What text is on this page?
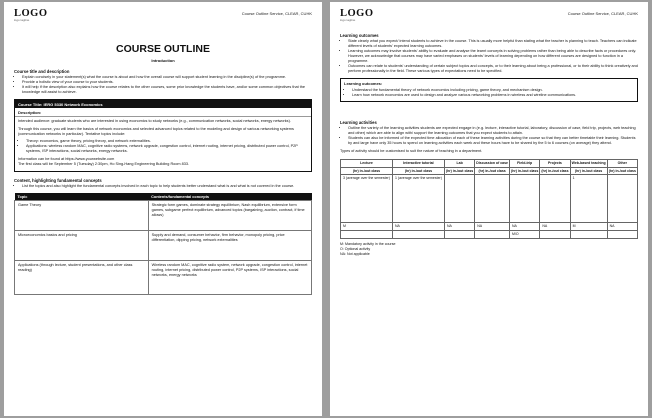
LOGO
logo tagline
Course Outline Service, CLEAR, CUHK
COURSE OUTLINE
Introduction
Course title and description
• Explain concisely in your statement(s) what the course is about and how the overall course will support student learning in the discipline(s) of the programme.
• Provide a holistic view of your course to your students.
• It will help if the description also explains how the course relates to the other courses, some prior knowledge the students have, and/or some common objectives that the knowledge will assist to achieve.
Course Title: IERG 5330 Network Economics
Description:

Intended audience: graduate students who are interested in using economics to study networks (e.g., communication networks, social networks, energy networks).

Through this course, you will learn the basics of network economics and selected advanced topics related to the modeling and design of various networking systems (communication networks in particular). Tentative topics include:

• Theory: economics, game theory, pricing theory, and network externalities.
• Applications: wireless random MAC, cognitive radio systems, network upgrade, congestion control, internet routing, internet pricing, distributed power control, P2P systems, ISP interactions, social networks, energy networks.

Information can be found at https://www.yourwebsite.com

The first class will be September 5 (Tuesday) 2:30pm, Ho Sing-Hang Engineering Building Room 833.

Content, highlighting fundamental concepts
• List the topics and also highlight the fundamental concepts involved in each topic to help students better understand what is and what is not covered in the course.
Topic	Contents/fundamental concepts
Game Theory	Strategic form games, dominate strategy equilibrium, Nash equilibrium, extensive form games, subgame perfect equilibrium, advanced topics (bargaining, auction, contract, if time allows)
Microeconomics basics and pricing	Supply and demand, consumer behavior, firm behavior, monopoly pricing, price differentiation, dipping pricing, network externalities
Applications (through lecture, student presentations, and other class reading)	Wireless random MAC, cognitive radio system, network upgrade, congestion control, internet routing, internet pricing, distributed power control, P2P systems, ISP interactions, social networks, energy networks
LOGO
logo tagline
Course Outline Service, CLEAR, CUHK
Learning outcomes
• State clearly what you expect/ intend students to achieve in the course. This is usually more helpful than stating what the teacher is planning to teach. Teachers can indicate different levels of students' expected learning outcomes.
• Learning outcomes may involve students' ability to evaluate and analyse the learnt concepts in solving problems rather than being able to describe facts or procedures only. However, we acknowledge that courses may have varied emphases on students' levels of learning depending on how different courses are designed to function in a programme.
• Outcomes can relate to students' understanding of certain subject topics and concepts, or to their learning about being a professional, or to their ability to think creatively and perform professionally in the field. These various types of expectations need to be specified.
Learning outcomes:
• Understand the fundamental theory of network economics including pricing, game theory, and mechanism design.
• Learn how network economics are used to design and analyze various networking problems in wireless and wireline communications.
Learning activities
• Outline the variety of the learning activities students are expected engage in (e.g. lecture, interactive tutorial, laboratory, discussion of case, field trip, projects, web teaching and other) which are able to align with/ support the learning outcomes that you expect students to attain.
• Students can also be informed of the expected time allocation of each of these learning activities during the course so that they can better timetable their learning. Students by and large have only 35 hours to spend on learning activities each week and these hours have to be shared by the 5 to 6 courses (on average) they attend.

Types of activity should be customised to suit the nature of teaching in a department.

Lecture	Interactive tutorial	Lab	Discussion of case	Field-trip	Projects	Web-based teaching	Other
(hr) in-/out class	(hr) in-/out class	(hr) in-/out class	(hr) in-/out class	(hr) in-/out class	(hr) in-/out class	(hr) in-/out class	(hr) in-/out class
3 (average over the semester)	1 (average over the semester)					1	
M	NA	NA	NA	NA	NA	M	NA
				M/O			
M: Mandatory activity in the course
O: Optional activity
NA: Not applicable
